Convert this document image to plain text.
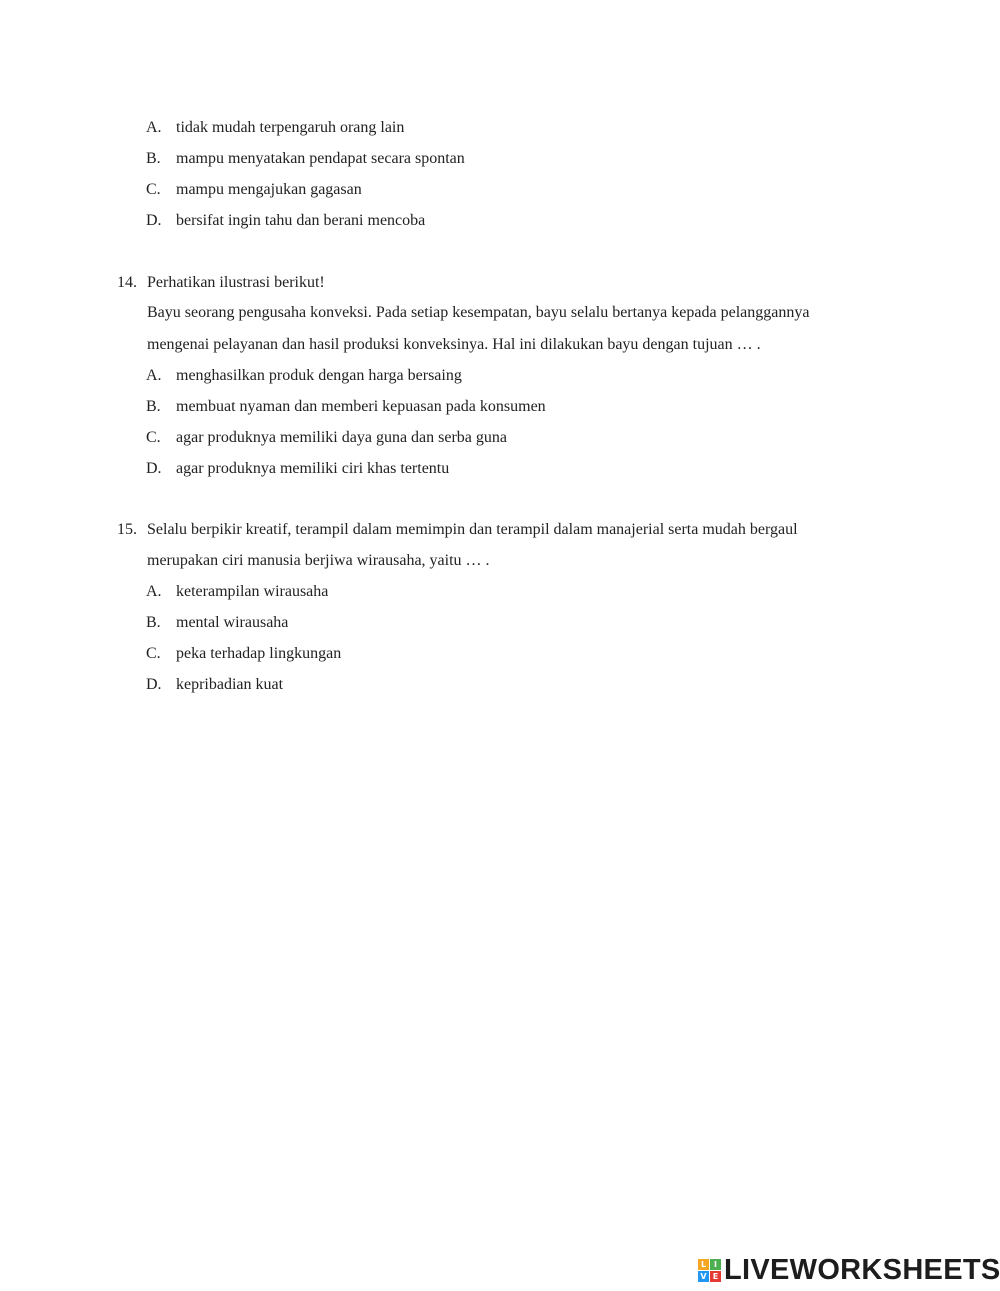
A. tidak mudah terpengaruh orang lain
B. mampu menyatakan pendapat secara spontan
C. mampu mengajukan gagasan
D. bersifat ingin tahu dan berani mencoba
14. Perhatikan ilustrasi berikut!
Bayu seorang pengusaha konveksi. Pada setiap kesempatan, bayu selalu bertanya kepada pelanggannya
mengenai pelayanan dan hasil produksi konveksinya. Hal ini dilakukan bayu dengan tujuan … .
A. menghasilkan produk dengan harga bersaing
B. membuat nyaman dan memberi kepuasan pada konsumen
C. agar produknya memiliki daya guna dan serba guna
D. agar produknya memiliki ciri khas tertentu
15. Selalu berpikir kreatif, terampil dalam memimpin dan terampil dalam manajerial serta mudah bergaul
merupakan ciri manusia berjiwa wirausaha, yaitu … .
A. keterampilan wirausaha
B. mental wirausaha
C. peka terhadap lingkungan
D. kepribadian kuat
L I
V E LIVEWORKSHEETS
